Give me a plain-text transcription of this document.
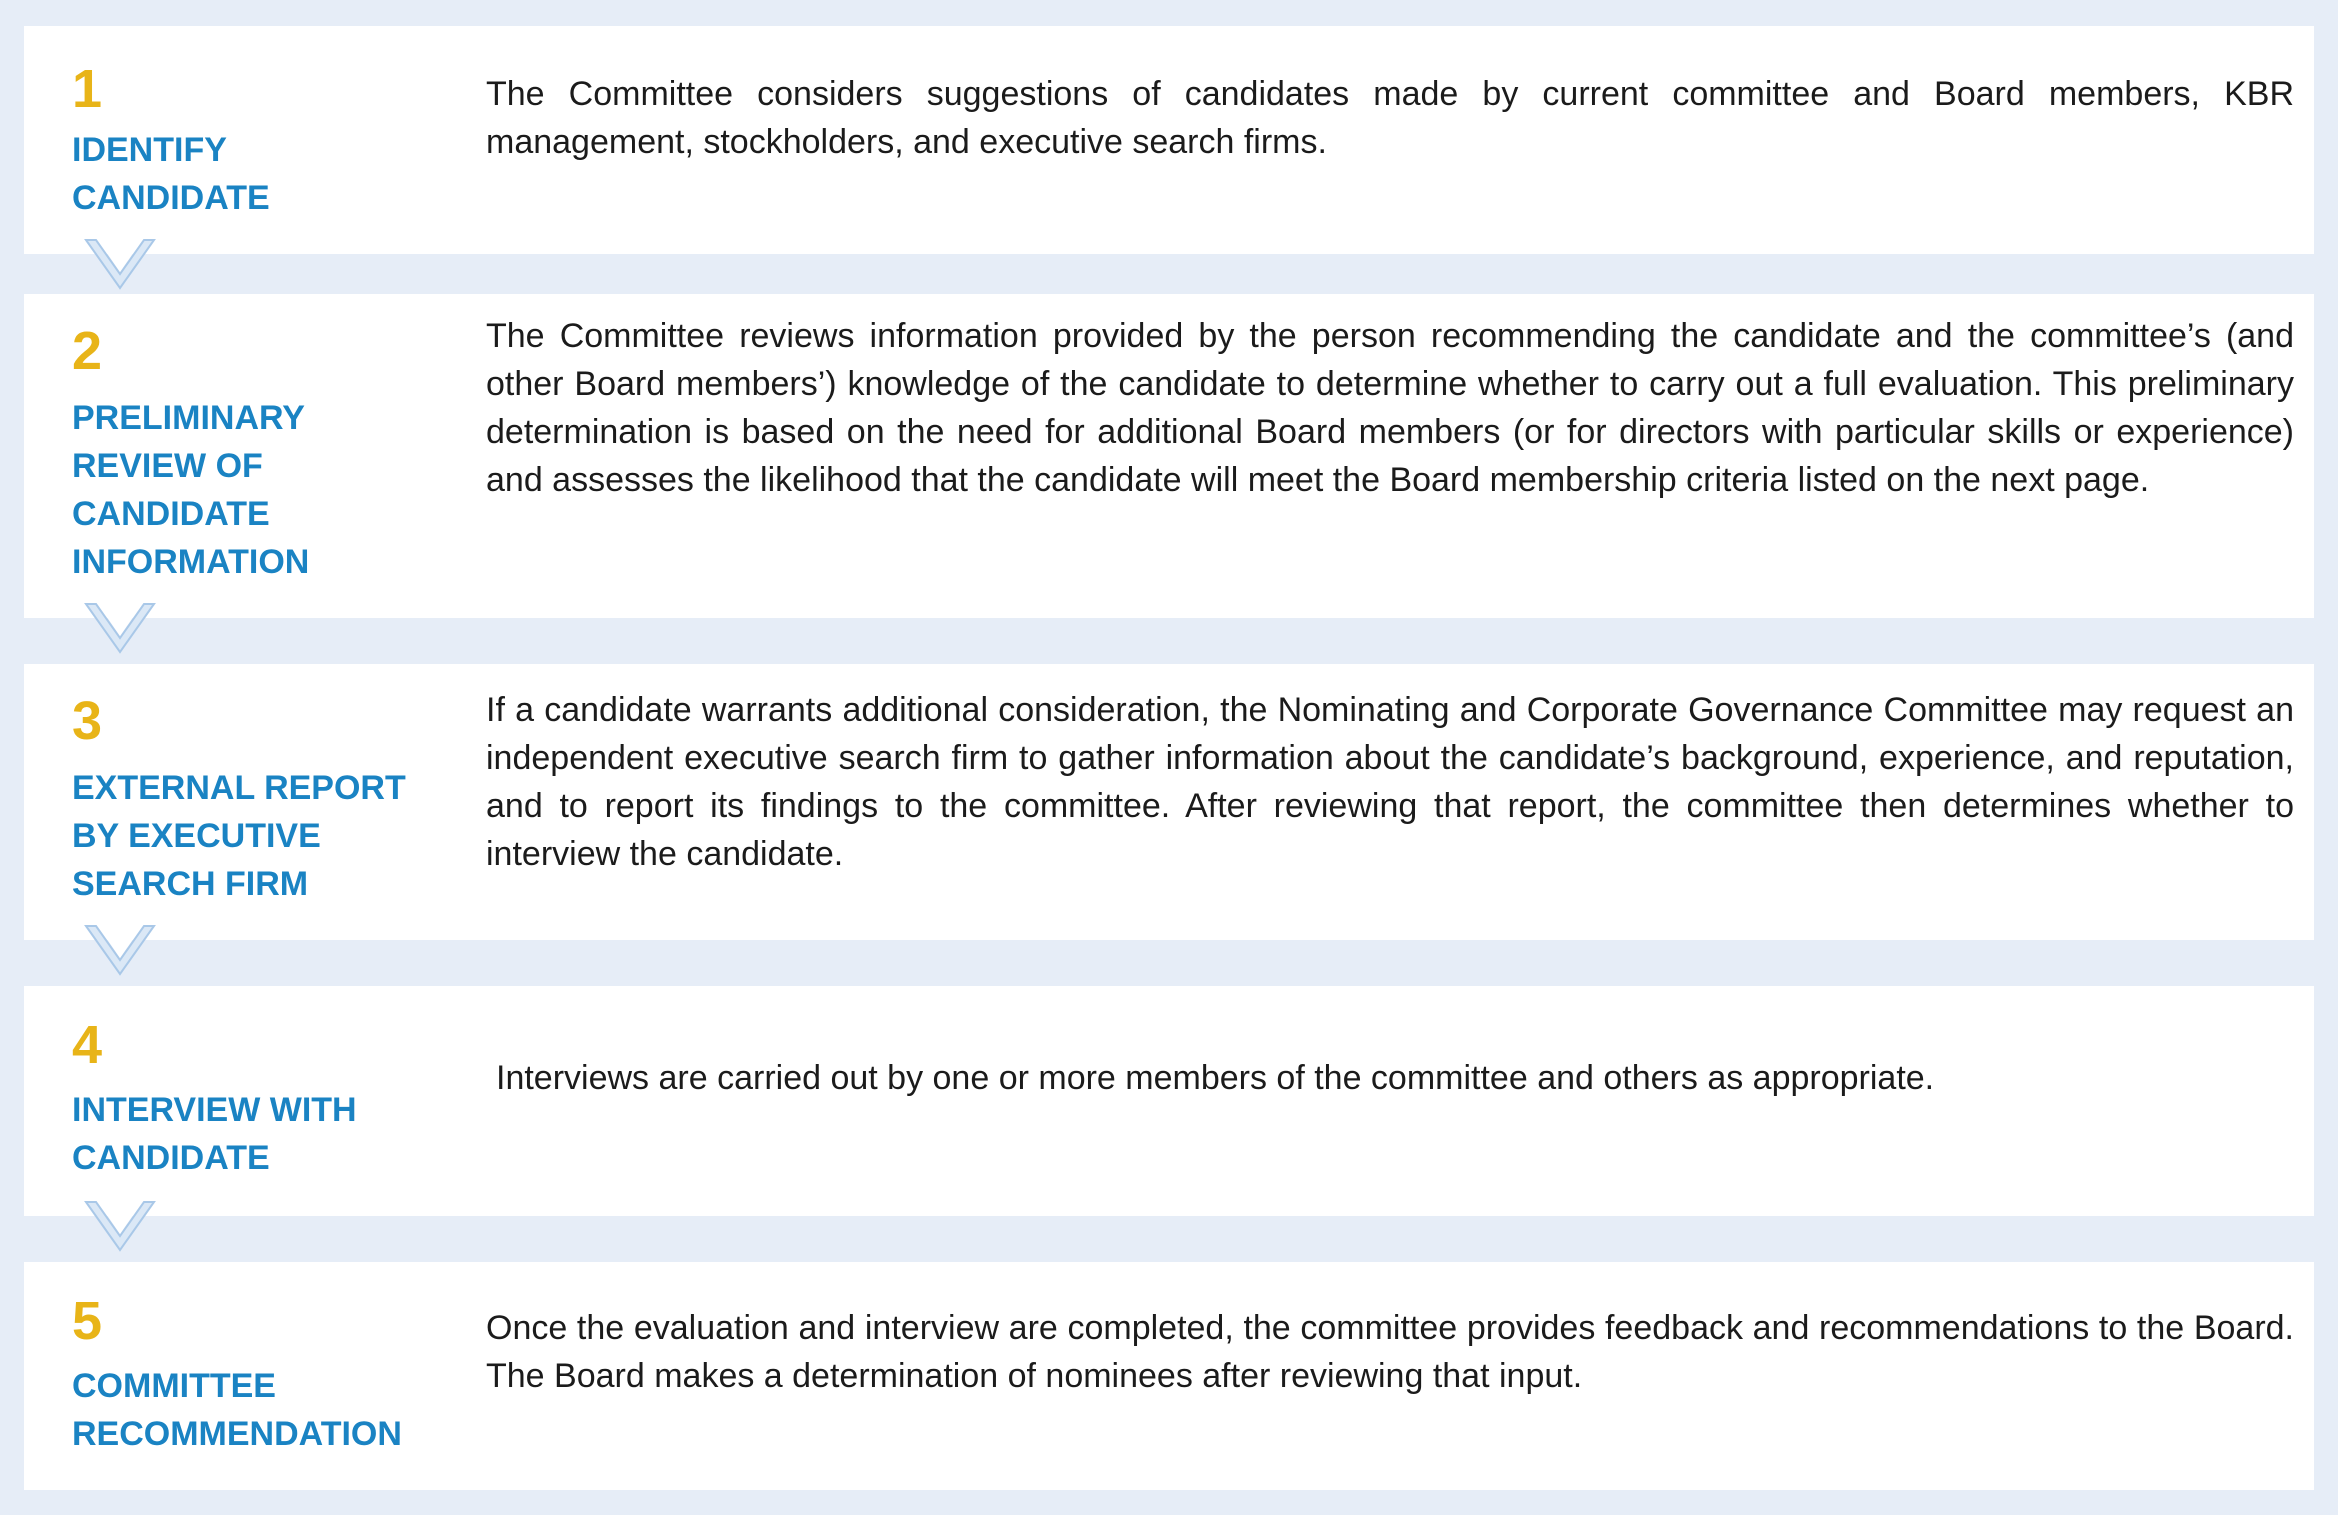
1

IDENTIFY
CANDIDATE

The Committee considers suggestions of candidates made by current committee and Board members, KBR management, stockholders, and executive search firms.

2

PRELIMINARY
REVIEW OF
CANDIDATE
INFORMATION

The Committee reviews information provided by the person recommending the candidate and the committee’s (and other Board members’) knowledge of the candidate to determine whether to carry out a full evaluation. This preliminary determination is based on the need for additional Board members (or for directors with particular skills or experience) and assesses the likelihood that the candidate will meet the Board membership criteria listed on the next page.

3

EXTERNAL REPORT
BY EXECUTIVE
SEARCH FIRM

If a candidate warrants additional consideration, the Nominating and Corporate Governance Committee may request an independent executive search firm to gather information about the candidate’s background, experience, and reputation, and to report its findings to the committee. After reviewing that report, the committee then determines whether to interview the candidate.

4

INTERVIEW WITH
CANDIDATE

Interviews are carried out by one or more members of the committee and others as appropriate.

5

COMMITTEE
RECOMMENDATION

Once the evaluation and interview are completed, the committee provides feedback and recommendations to the Board. The Board makes a determination of nominees after reviewing that input.
